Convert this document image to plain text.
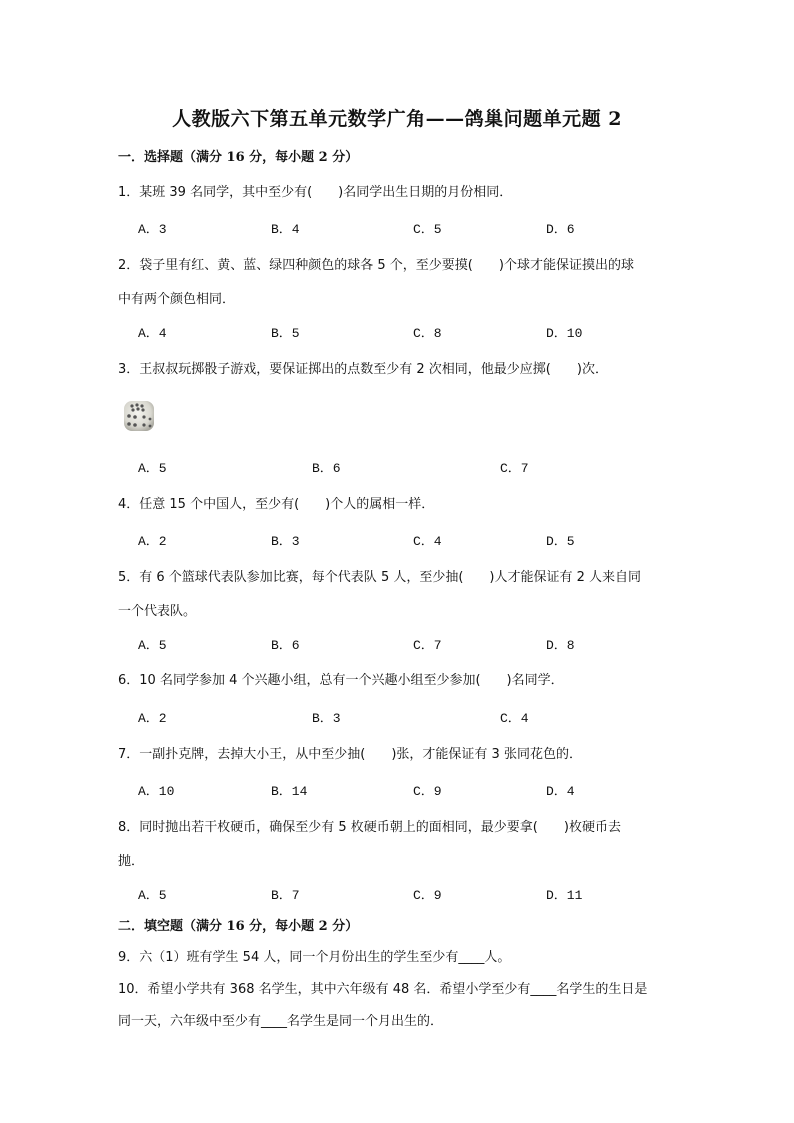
人教版六下第五单元数学广角——鸽巢问题单元题 2
一．选择题（满分 16 分，每小题 2 分）
1．某班 39 名同学，其中至少有(　　)名同学出生日期的月份相同．
A．3	B．4	C．5	D．6
2．袋子里有红、黄、蓝、绿四种颜色的球各 5 个，至少要摸(　　)个球才能保证摸出的球
中有两个颜色相同．
A．4	B．5	C．8	D．10
3．王叔叔玩掷骰子游戏，要保证掷出的点数至少有 2 次相同，他最少应掷(　　)次．
A．5	B．6	C．7
4．任意 15 个中国人，至少有(　　)个人的属相一样．
A．2	B．3	C．4	D．5
5．有 6 个篮球代表队参加比赛，每个代表队 5 人，至少抽(　　)人才能保证有 2 人来自同
一个代表队。
A．5	B．6	C．7	D．8
6．10 名同学参加 4 个兴趣小组，总有一个兴趣小组至少参加(　　)名同学．
A．2	B．3	C．4
7．一副扑克牌，去掉大小王，从中至少抽(　　)张，才能保证有 3 张同花色的．
A．10	B．14	C．9	D．4
8．同时抛出若干枚硬币，确保至少有 5 枚硬币朝上的面相同，最少要拿(　　)枚硬币去
抛．
A．5	B．7	C．9	D．11
二．填空题（满分 16 分，每小题 2 分）
9．六（1）班有学生 54 人，同一个月份出生的学生至少有____人。
10．希望小学共有 368 名学生，其中六年级有 48 名．希望小学至少有____名学生的生日是
同一天，六年级中至少有____名学生是同一个月出生的．
